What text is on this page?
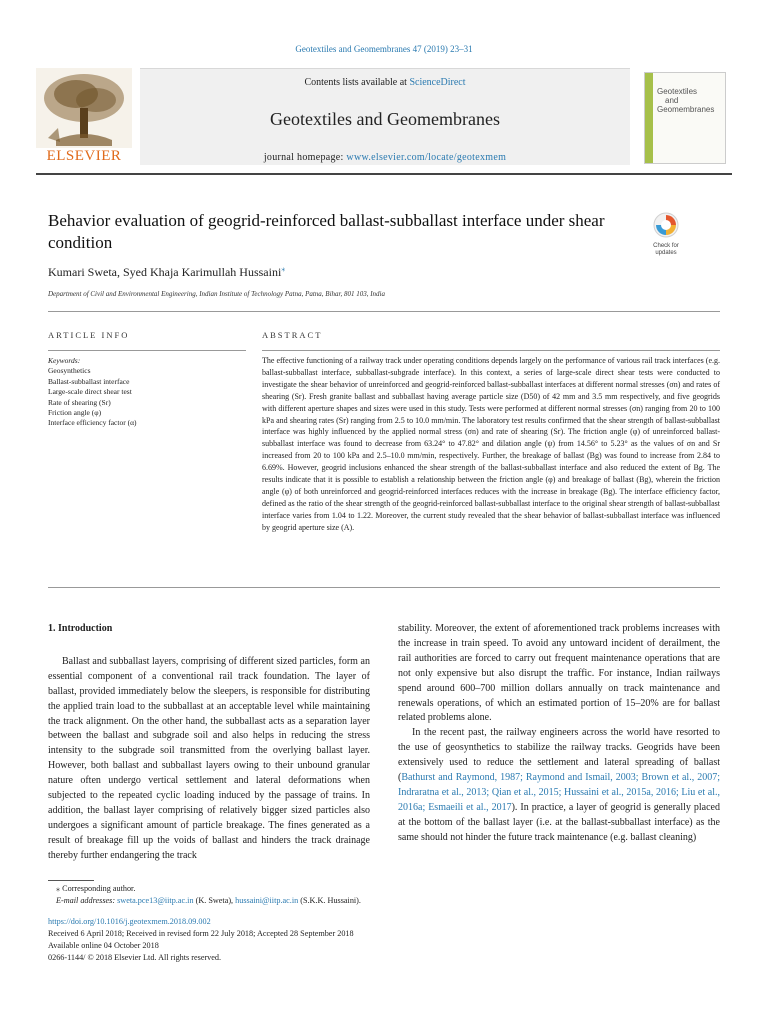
Geotextiles and Geomembranes 47 (2019) 23–31
ELSEVIER
Contents lists available at ScienceDirect
Geotextiles and Geomembranes
journal homepage: www.elsevier.com/locate/geotexmem
Geotextiles
and
Geomembranes
Behavior evaluation of geogrid-reinforced ballast-subballast interface under shear condition	Check for
updates
Kumari Sweta, Syed Khaja Karimullah Hussaini⁎
Department of Civil and Environmental Engineering, Indian Institute of Technology Patna, Patna, Bihar, 801 103, India
ARTICLE INFO	ABSTRACT
Keywords:
Geosynthetics
Ballast-subballast interface
Large-scale direct shear test
Rate of shearing (Sr)
Friction angle (φ)
Interface efficiency factor (α)
The effective functioning of a railway track under operating conditions depends largely on the performance of various rail track interfaces (e.g. ballast-subballast interface, subballast-subgrade interface). In this context, a series of large-scale direct shear tests were conducted to investigate the shear behavior of unreinforced and geogrid-reinforced ballast-subballast interfaces at different normal stresses (σn) and rates of shearing (Sr). Fresh granite ballast and subballast having average particle size (D50) of 42 mm and 3.5 mm respectively, and five geogrids with different aperture shapes and sizes were used in this study. Tests were performed at different normal stresses (σn) ranging from 20 to 100 kPa and shearing rates (Sr) ranging from 2.5 to 10.0 mm/min. The laboratory test results confirmed that the shear strength of ballast-subballast interface was highly influenced by the applied normal stress (σn) and rate of shearing (Sr). The friction angle (φ) of unreinforced ballast-subballast interface was found to decrease from 63.24° to 47.82° and dilation angle (ψ) from 14.56° to 5.23° as the values of σn and Sr increased from 20 to 100 kPa and 2.5–10.0 mm/min, respectively. Further, the breakage of ballast (Bg) was found to increase from 2.84 to 6.69%. However, geogrid inclusions enhanced the shear strength of the ballast-subballast interface and also reduced the extent of Bg. The results indicate that it is possible to establish a relationship between the friction angle (φ) and breakage of ballast (Bg), wherein the friction angle (φ) of both unreinforced and geogrid-reinforced interfaces reduces with the increase in breakage (Bg). The interface efficiency factor, defined as the ratio of the shear strength of the geogrid-reinforced ballast-subballast interface to the original shear strength of ballast-subballast interface varies from 1.04 to 1.22. Moreover, the current study revealed that the shear behavior of ballast-subballast interface was influenced by geogrid aperture size (A).
1. Introduction

Ballast and subballast layers, comprising of different sized particles, form an essential component of a conventional rail track foundation. The layer of ballast, provided immediately below the sleepers, is responsible for distributing the applied train load to the subballast at an acceptable level while maintaining the track alignment. On the other hand, the subballast acts as a separation layer between the ballast and subgrade soil and also helps in reducing the stress intensity to the subgrade soil transmitted from the overlying ballast layer. However, both ballast and subballast layers owing to their unbound granular nature often undergo vertical settlement and lateral deformations when subjected to the repeated cyclic loading induced by the passage of trains. In addition, the ballast layer comprising of relatively bigger sized particles also undergoes a significant amount of particle breakage. The fines generated as a result of breakage fill up the voids of ballast and hinders the track drainage thereby further endangering the track

stability. Moreover, the extent of aforementioned track problems increases with the increase in train speed. To avoid any untoward incident of derailment, the rail authorities are forced to carry out frequent maintenance operations that are not only expensive but also disrupt the traffic. For instance, Indian railways spend around 600–700 million dollars annually on track maintenance and renewals operations, of which an estimated portion of 15–20% are for ballast related problems alone.

In the recent past, the railway engineers across the world have resorted to the use of geosynthetics to stabilize the railway tracks. Geogrids have been extensively used to reduce the settlement and lateral spreading of ballast (Bathurst and Raymond, 1987; Raymond and Ismail, 2003; Brown et al., 2007; Indraratna et al., 2013; Qian et al., 2015; Hussaini et al., 2015a, 2016; Liu et al., 2016a; Esmaeili et al., 2017). In practice, a layer of geogrid is generally placed at the bottom of the ballast layer (i.e. at the ballast-subballast interface) as the same should not hinder the future track maintenance (e.g. ballast cleaning)

⁎ Corresponding author.
E-mail addresses: sweta.pce13@iitp.ac.in (K. Sweta), hussaini@iitp.ac.in (S.K.K. Hussaini).
https://doi.org/10.1016/j.geotexmem.2018.09.002
Received 6 April 2018; Received in revised form 22 July 2018; Accepted 28 September 2018
Available online 04 October 2018
0266-1144/ © 2018 Elsevier Ltd. All rights reserved.
